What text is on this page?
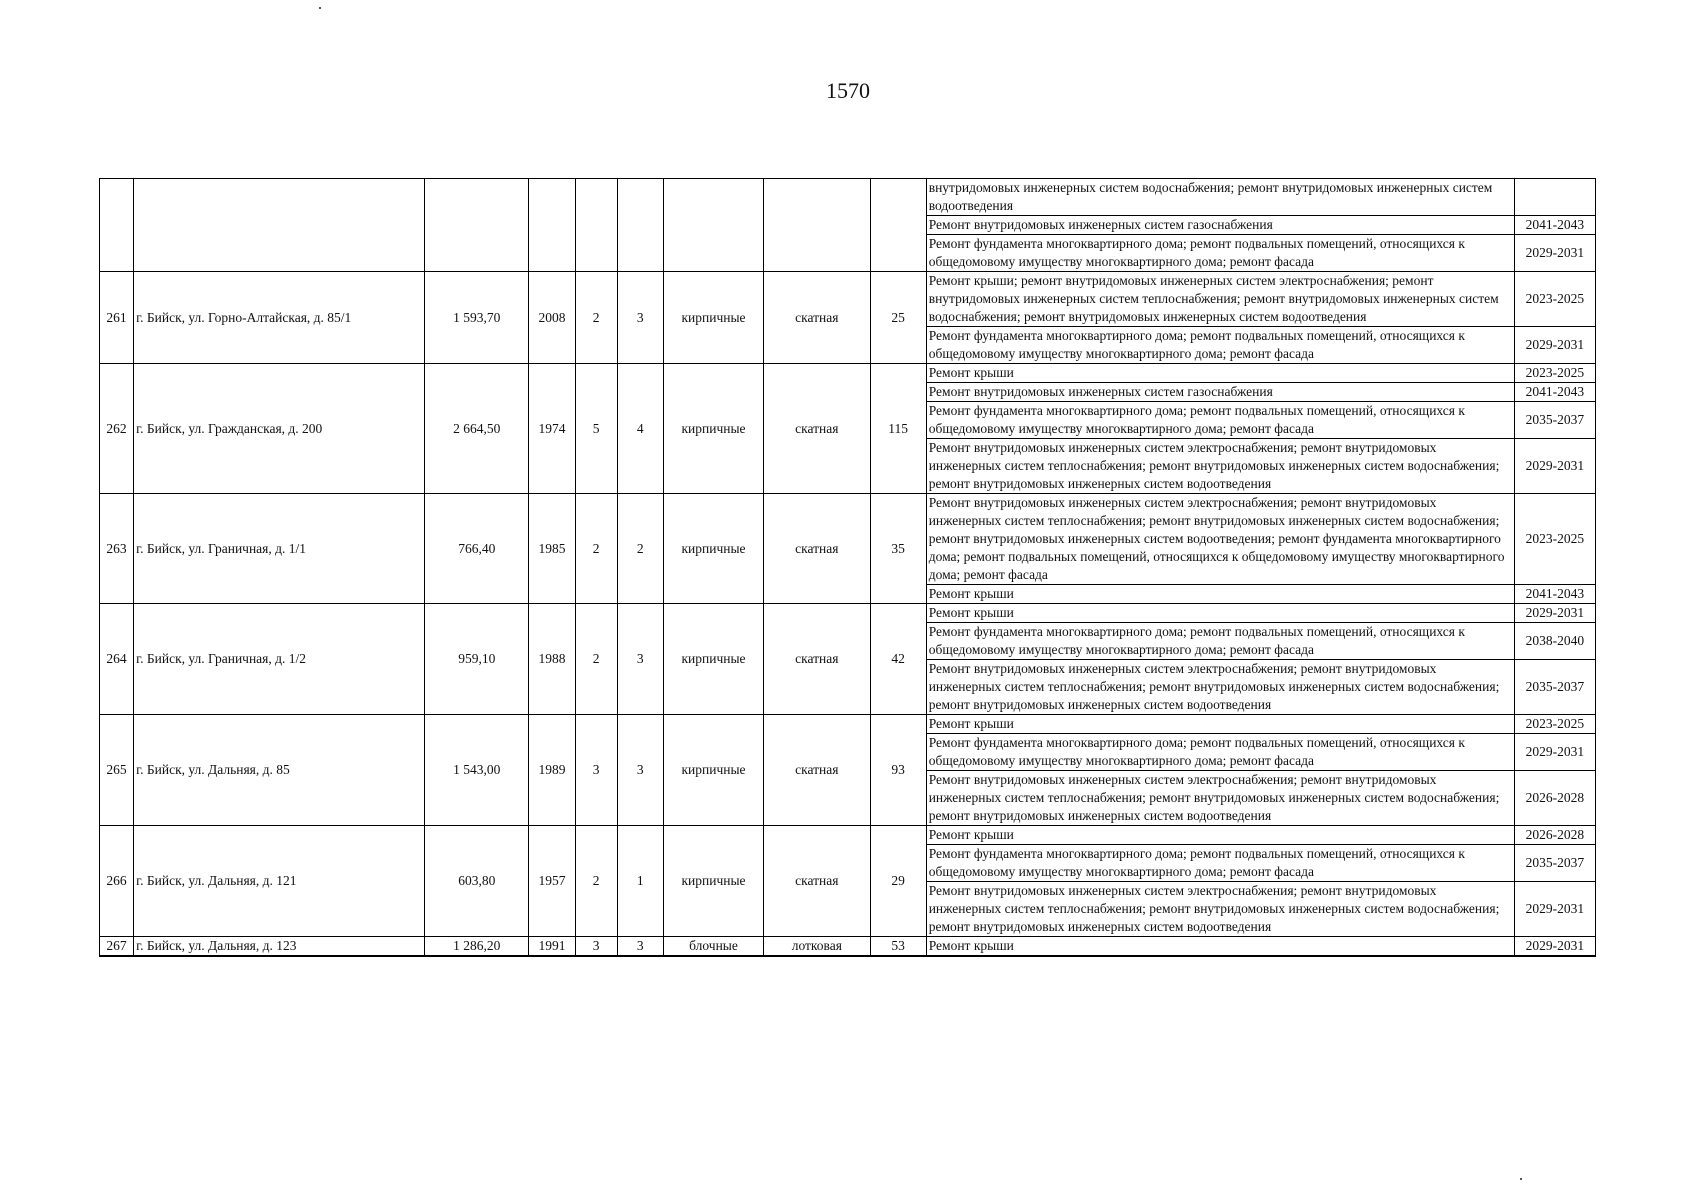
1570
									внутридомовых инженерных систем водоснабжения; ремонт внутридомовых инженерных систем водоотведения	
									Ремонт внутридомовых инженерных систем газоснабжения	2041-2043
									Ремонт фундамента многоквартирного дома; ремонт подвальных помещений, относящихся к общедомовому имуществу многоквартирного дома; ремонт фасада	2029-2031
261	г. Бийск, ул. Горно-Алтайская, д. 85/1	1 593,70	2008	2	3	кирпичные	скатная	25	Ремонт крыши; ремонт внутридомовых инженерных систем электроснабжения; ремонт внутридомовых инженерных систем теплоснабжения; ремонт внутридомовых инженерных систем водоснабжения; ремонт внутридомовых инженерных систем водоотведения	2023-2025
									Ремонт фундамента многоквартирного дома; ремонт подвальных помещений, относящихся к общедомовому имуществу многоквартирного дома; ремонт фасада	2029-2031
262	г. Бийск, ул. Гражданская, д. 200	2 664,50	1974	5	4	кирпичные	скатная	115	Ремонт крыши	2023-2025
									Ремонт внутридомовых инженерных систем газоснабжения	2041-2043
									Ремонт фундамента многоквартирного дома; ремонт подвальных помещений, относящихся к общедомовому имуществу многоквартирного дома; ремонт фасада	2035-2037
									Ремонт внутридомовых инженерных систем электроснабжения; ремонт внутридомовых инженерных систем теплоснабжения; ремонт внутридомовых инженерных систем водоснабжения; ремонт внутридомовых инженерных систем водоотведения	2029-2031
263	г. Бийск, ул. Граничная, д. 1/1	766,40	1985	2	2	кирпичные	скатная	35	Ремонт внутридомовых инженерных систем электроснабжения; ремонт внутридомовых инженерных систем теплоснабжения; ремонт внутридомовых инженерных систем водоснабжения; ремонт внутридомовых инженерных систем водоотведения; ремонт фундамента многоквартирного дома; ремонт подвальных помещений, относящихся к общедомовому имуществу многоквартирного дома; ремонт фасада	2023-2025
									Ремонт крыши	2041-2043
264	г. Бийск, ул. Граничная, д. 1/2	959,10	1988	2	3	кирпичные	скатная	42	Ремонт крыши	2029-2031
									Ремонт фундамента многоквартирного дома; ремонт подвальных помещений, относящихся к общедомовому имуществу многоквартирного дома; ремонт фасада	2038-2040
									Ремонт внутридомовых инженерных систем электроснабжения; ремонт внутридомовых инженерных систем теплоснабжения; ремонт внутридомовых инженерных систем водоснабжения; ремонт внутридомовых инженерных систем водоотведения	2035-2037
265	г. Бийск, ул. Дальняя, д. 85	1 543,00	1989	3	3	кирпичные	скатная	93	Ремонт крыши	2023-2025
									Ремонт фундамента многоквартирного дома; ремонт подвальных помещений, относящихся к общедомовому имуществу многоквартирного дома; ремонт фасада	2029-2031
									Ремонт внутридомовых инженерных систем электроснабжения; ремонт внутридомовых инженерных систем теплоснабжения; ремонт внутридомовых инженерных систем водоснабжения; ремонт внутридомовых инженерных систем водоотведения	2026-2028
266	г. Бийск, ул. Дальняя, д. 121	603,80	1957	2	1	кирпичные	скатная	29	Ремонт крыши	2026-2028
									Ремонт фундамента многоквартирного дома; ремонт подвальных помещений, относящихся к общедомовому имуществу многоквартирного дома; ремонт фасада	2035-2037
									Ремонт внутридомовых инженерных систем электроснабжения; ремонт внутридомовых инженерных систем теплоснабжения; ремонт внутридомовых инженерных систем водоснабжения; ремонт внутридомовых инженерных систем водоотведения	2029-2031
267	г. Бийск, ул. Дальняя, д. 123	1 286,20	1991	3	3	блочные	лотковая	53	Ремонт крыши	2029-2031
